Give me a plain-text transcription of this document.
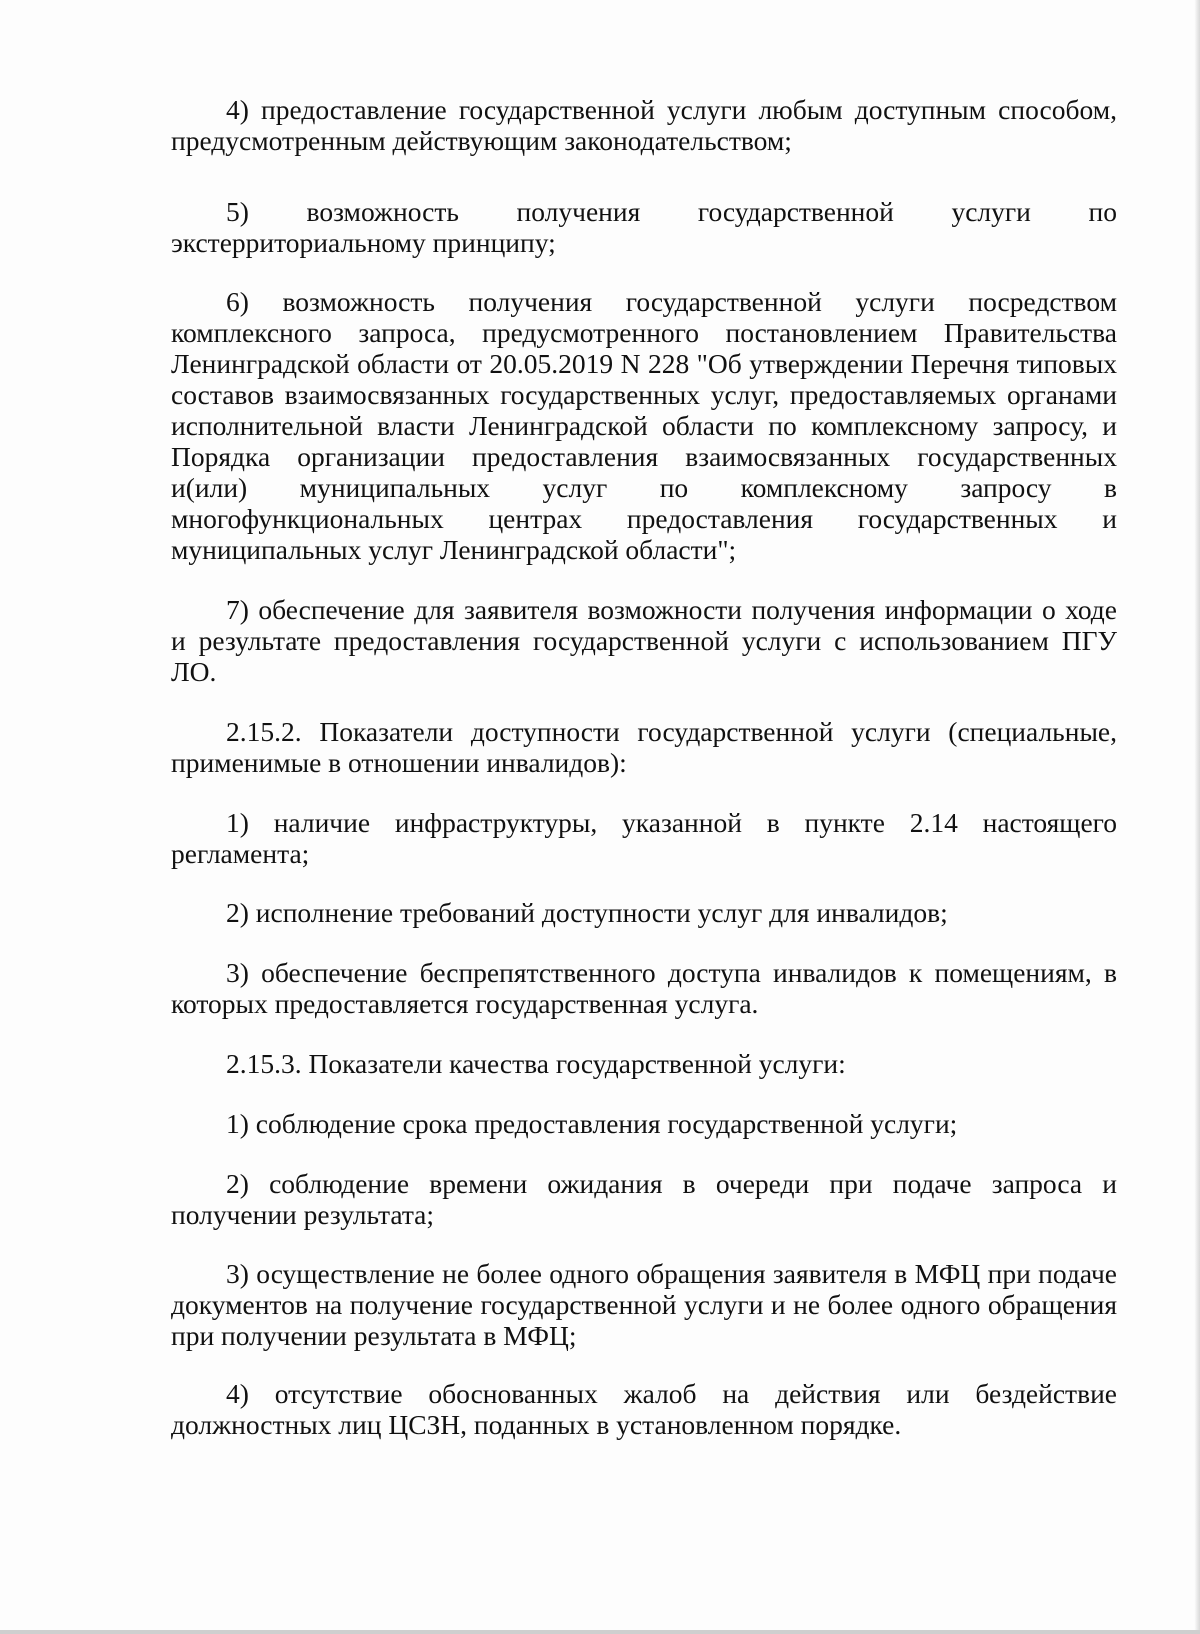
4) предоставление государственной услуги любым доступным способом, предусмотренным действующим законодательством;

5) возможность получения государственной услуги по экстерриториальному принципу;

6) возможность получения государственной услуги посредством комплексного запроса, предусмотренного постановлением Правительства Ленинградской области от 20.05.2019 N 228 "Об утверждении Перечня типовых составов взаимосвязанных государственных услуг, предоставляемых органами исполнительной власти Ленинградской области по комплексному запросу, и Порядка организации предоставления взаимосвязанных государственных и(или) муниципальных услуг по комплексному запросу в многофункциональных центрах предоставления государственных и муниципальных услуг Ленинградской области";

7) обеспечение для заявителя возможности получения информации о ходе и результате предоставления государственной услуги с использованием ПГУ ЛО.

2.15.2. Показатели доступности государственной услуги (специальные, применимые в отношении инвалидов):

1) наличие инфраструктуры, указанной в пункте 2.14 настоящего регламента;

2) исполнение требований доступности услуг для инвалидов;

3) обеспечение беспрепятственного доступа инвалидов к помещениям, в которых предоставляется государственная услуга.

2.15.3. Показатели качества государственной услуги:

1) соблюдение срока предоставления государственной услуги;

2) соблюдение времени ожидания в очереди при подаче запроса и получении результата;

3) осуществление не более одного обращения заявителя в МФЦ при подаче документов на получение государственной услуги и не более одного обращения при получении результата в МФЦ;

4) отсутствие обоснованных жалоб на действия или бездействие должностных лиц ЦСЗН, поданных в установленном порядке.
